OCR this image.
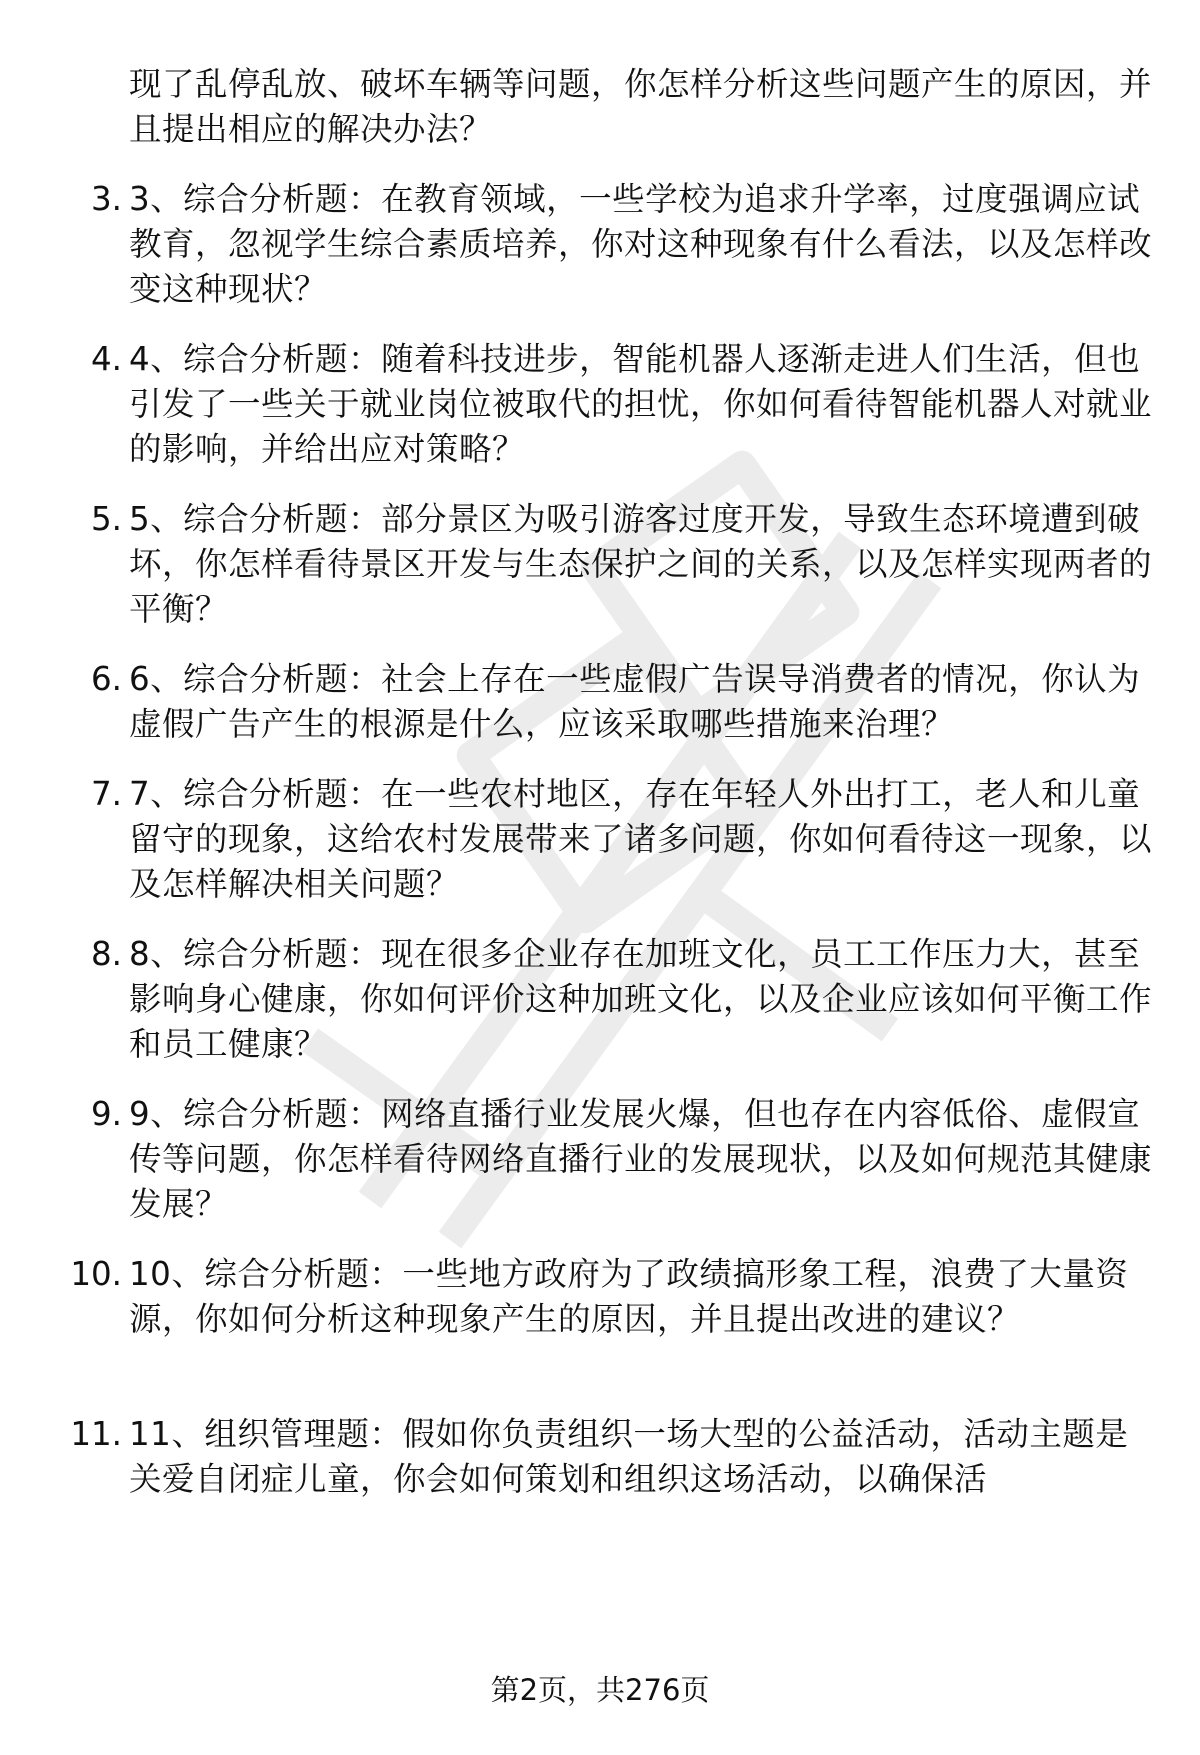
现了乱停乱放、破坏车辆等问题，你怎样分析这些问题产生的原因，并且提出相应的解决办法？
3. 3、综合分析题：在教育领域，一些学校为追求升学率，过度强调应试教育，忽视学生综合素质培养，你对这种现象有什么看法，以及怎样改变这种现状？
4. 4、综合分析题：随着科技进步，智能机器人逐渐走进人们生活，但也引发了一些关于就业岗位被取代的担忧，你如何看待智能机器人对就业的影响，并给出应对策略？
5. 5、综合分析题：部分景区为吸引游客过度开发，导致生态环境遭到破坏，你怎样看待景区开发与生态保护之间的关系，以及怎样实现两者的平衡？
6. 6、综合分析题：社会上存在一些虚假广告误导消费者的情况，你认为虚假广告产生的根源是什么，应该采取哪些措施来治理？
7. 7、综合分析题：在一些农村地区，存在年轻人外出打工，老人和儿童留守的现象，这给农村发展带来了诸多问题，你如何看待这一现象，以及怎样解决相关问题？
8. 8、综合分析题：现在很多企业存在加班文化，员工工作压力大，甚至影响身心健康，你如何评价这种加班文化，以及企业应该如何平衡工作和员工健康？
9. 9、综合分析题：网络直播行业发展火爆，但也存在内容低俗、虚假宣传等问题，你怎样看待网络直播行业的发展现状，以及如何规范其健康发展？
10. 10、综合分析题：一些地方政府为了政绩搞形象工程，浪费了大量资源，你如何分析这种现象产生的原因，并且提出改进的建议？
11. 11、组织管理题：假如你负责组织一场大型的公益活动，活动主题是关爱自闭症儿童，你会如何策划和组织这场活动，以确保活
第2页，共276页
